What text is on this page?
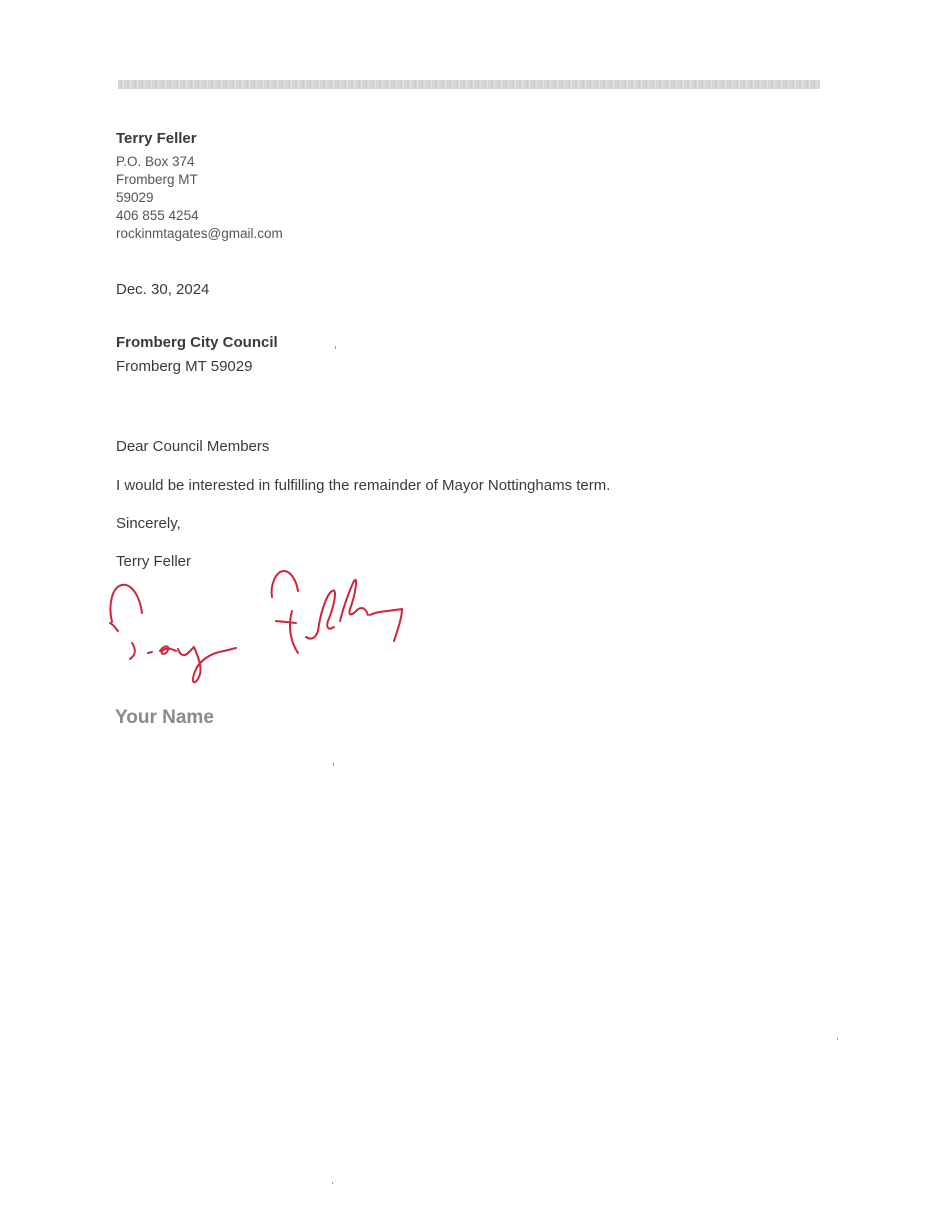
Terry Feller

P.O. Box 374

Fromberg MT

59029

406 855 4254

rockinmtagates@gmail.com

Dec. 30, 2024

Fromberg City Council

Fromberg MT 59029

Dear Council Members
I would be interested in fulfilling the remainder of Mayor Nottinghams term.
Sincerely,
Terry Feller
Your Name
